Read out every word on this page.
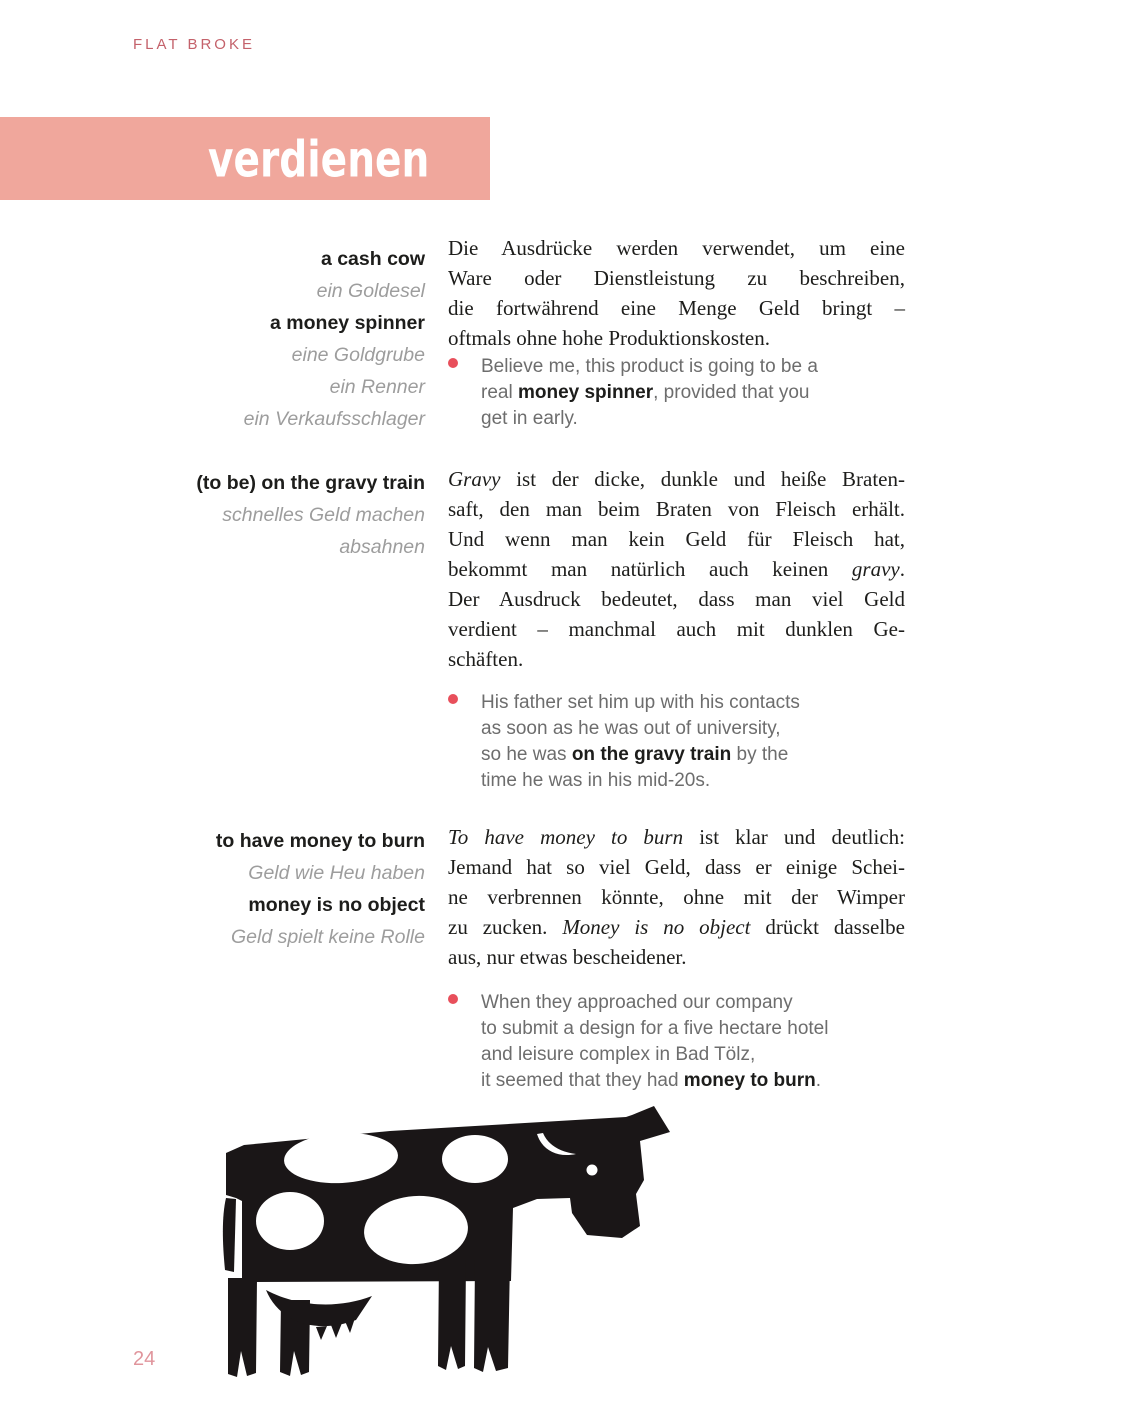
FLAT BROKE
verdienen
a cash cow
ein Goldesel
a money spinner
eine Goldgrube
ein Renner
ein Verkaufsschlager
Die Ausdrücke werden verwendet, um eine
Ware oder Dienstleistung zu beschreiben,
die fortwährend eine Menge Geld bringt –
oftmals ohne hohe Produktionskosten.
Believe me, this product is going to be a
real money spinner, provided that you
get in early.
(to be) on the gravy train
schnelles Geld machen
absahnen
Gravy ist der dicke, dunkle und heiße Braten-
saft, den man beim Braten von Fleisch erhält.
Und wenn man kein Geld für Fleisch hat,
bekommt man natürlich auch keinen gravy.
Der Ausdruck bedeutet, dass man viel Geld
verdient – manchmal auch mit dunklen Ge-
schäften.
His father set him up with his contacts
as soon as he was out of university,
so he was on the gravy train by the
time he was in his mid-20s.
to have money to burn
Geld wie Heu haben
money is no object
Geld spielt keine Rolle
To have money to burn ist klar und deutlich:
Jemand hat so viel Geld, dass er einige Schei-
ne verbrennen könnte, ohne mit der Wimper
zu zucken. Money is no object drückt dasselbe
aus, nur etwas bescheidener.
When they approached our company
to submit a design for a five hectare hotel
and leisure complex in Bad Tölz,
it seemed that they had money to burn.
24
